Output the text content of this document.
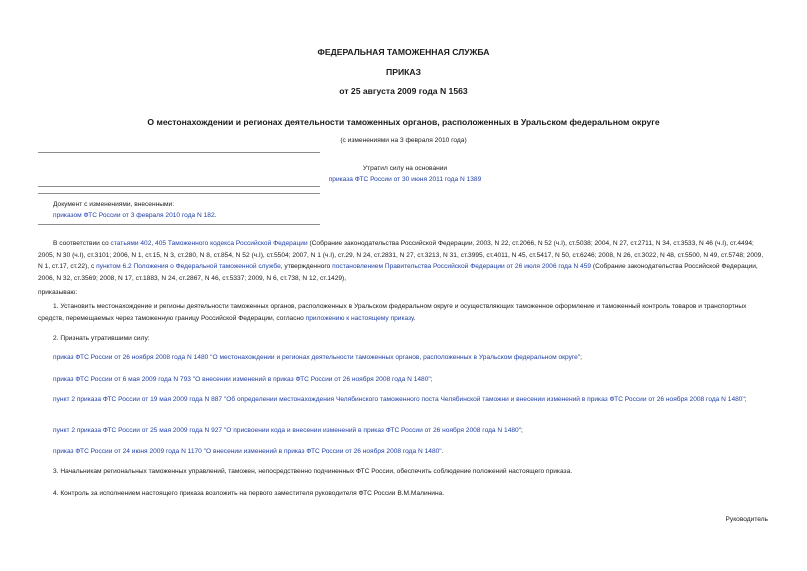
ФЕДЕРАЛЬНАЯ ТАМОЖЕННАЯ СЛУЖБА
ПРИКАЗ
от 25 августа 2009 года N 1563
О местонахождении и регионах деятельности таможенных органов, расположенных в Уральском федеральном округе
(с изменениями на 3 февраля 2010 года)
Утратил силу на основании
приказа ФТС России от 30 июня 2011 года N 1389
Документ с изменениями, внесенными:
приказом ФТС России от 3 февраля 2010 года N 182.
В соответствии со статьями 402, 405 Таможенного кодекса Российской Федерации (Собрание законодательства Российской Федерации, 2003, N 22, ст.2066, N 52 (ч.I), ст.5038; 2004, N 27, ст.2711, N 34, ст.3533, N 46 (ч.I), ст.4494; 2005, N 30 (ч.I), ст.3101; 2006, N 1, ст.15, N 3, ст.280, N 8, ст.854, N 52 (ч.I), ст.5504; 2007, N 1 (ч.I), ст.29, N 24, ст.2831, N 27, ст.3213, N 31, ст.3995, ст.4011, N 45, ст.5417, N 50, ст.6246; 2008, N 26, ст.3022, N 48, ст.5500, N 49, ст.5748; 2009, N 1, ст.17, ст.22), с пунктом 6.2 Положения о Федеральной таможенной службе, утвержденного постановлением Правительства Российской Федерации от 26 июля 2006 года N 459 (Собрание законодательства Российской Федерации, 2006, N 32, ст.3569; 2008, N 17, ст.1883, N 24, ст.2867, N 46, ст.5337; 2009, N 6, ст.738, N 12, ст.1429),
приказываю:
1. Установить местонахождение и регионы деятельности таможенных органов, расположенных в Уральском федеральном округе и осуществляющих таможенное оформление и таможенный контроль товаров и транспортных средств, перемещаемых через таможенную границу Российской Федерации, согласно приложению к настоящему приказу.
2. Признать утратившими силу:
приказ ФТС России от 26 ноября 2008 года N 1480 "О местонахождении и регионах деятельности таможенных органов, расположенных в Уральском федеральном округе";
приказ ФТС России от 6 мая 2009 года N 793 "О внесении изменений в приказ ФТС России от 26 ноября 2008 года N 1480";
пункт 2 приказа ФТС России от 19 мая 2009 года N 887 "Об определении местонахождения Челябинского таможенного поста Челябинской таможни и внесении изменений в приказ ФТС России от 26 ноября 2008 года N 1480";
пункт 2 приказа ФТС России от 25 мая 2009 года N 927 "О присвоении кода и внесении изменений в приказ ФТС России от 26 ноября 2008 года N 1480";
приказ ФТС России от 24 июня 2009 года N 1170 "О внесении изменений в приказ ФТС России от 26 ноября 2008 года N 1480".
3. Начальникам региональных таможенных управлений, таможен, непосредственно подчиненных ФТС России, обеспечить соблюдение положений настоящего приказа.
4. Контроль за исполнением настоящего приказа возложить на первого заместителя руководителя ФТС России В.М.Малинина.
Руководитель
